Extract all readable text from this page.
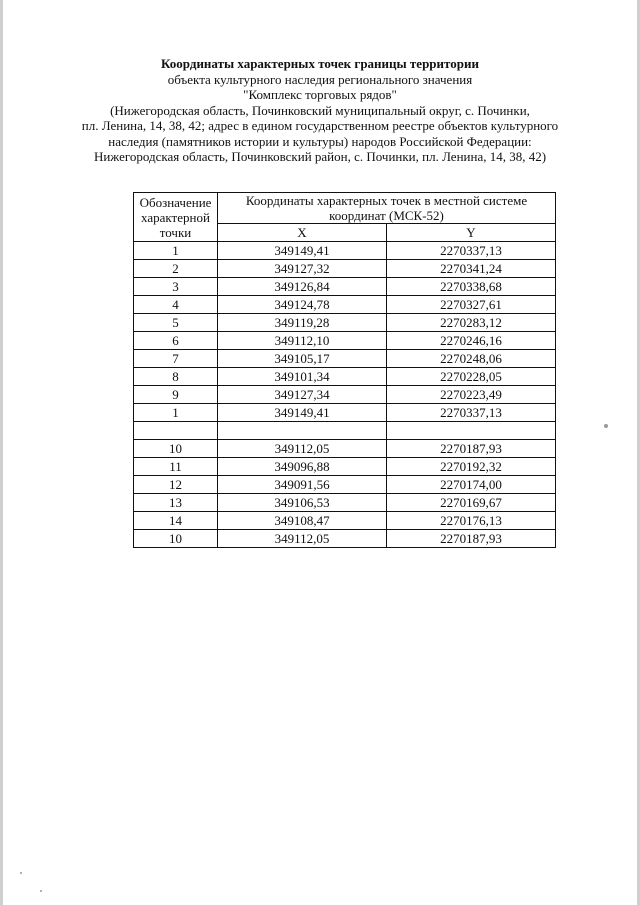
Координаты характерных точек границы территории
объекта культурного наследия регионального значения
"Комплекс торговых рядов"
(Нижегородская область, Починковский муниципальный округ, с. Починки,
пл. Ленина, 14, 38, 42; адрес в едином государственном реестре объектов культурного
наследия (памятников истории и культуры) народов Российской Федерации:
Нижегородская область, Починковский район, с. Починки, пл. Ленина, 14, 38, 42)
Обозначение
характерной
точки	Координаты характерных точек в местной системе координат (МСК-52)	
	X	Y
1	349149,41	2270337,13
2	349127,32	2270341,24
3	349126,84	2270338,68
4	349124,78	2270327,61
5	349119,28	2270283,12
6	349112,10	2270246,16
7	349105,17	2270248,06
8	349101,34	2270228,05
9	349127,34	2270223,49
1	349149,41	2270337,13

10	349112,05	2270187,93
11	349096,88	2270192,32
12	349091,56	2270174,00
13	349106,53	2270169,67
14	349108,47	2270176,13
10	349112,05	2270187,93
